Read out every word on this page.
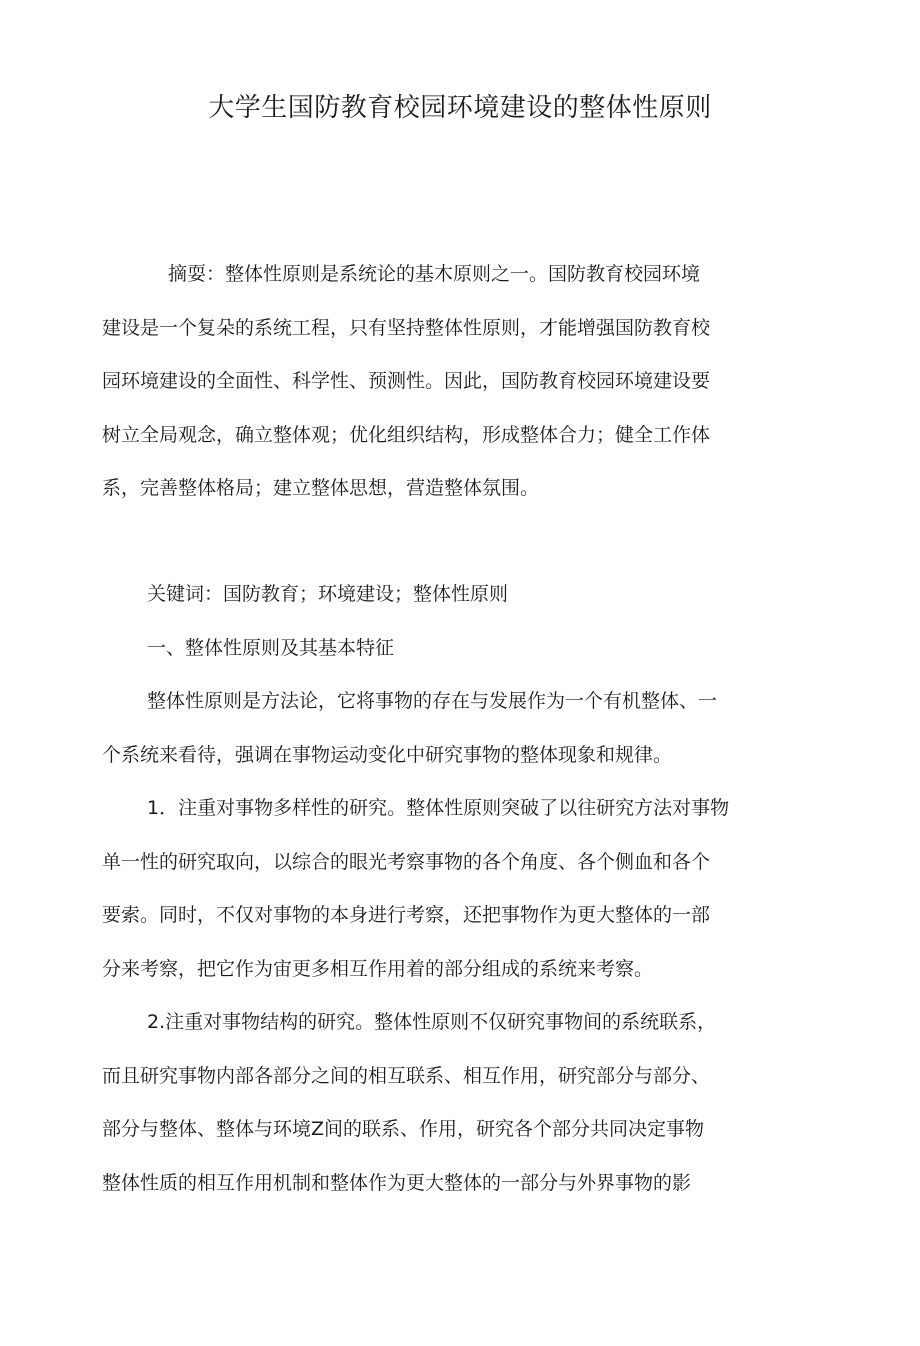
大学生国防教育校园环境建设的整体性原则
摘耍：整体性原则是系统论的基木原则之一。国防教育校园环境
建设是一个复朵的系统工程，只有坚持整体性原则，才能增强国防教育校
园环境建设的全面性、科学性、预测性。因此，国防教育校园环境建设要
树立全局观念，确立整体观；优化组织结构，形成整体合力；健全工作体
系，完善整体格局；建立整体思想，营造整体氛围。
关键词：国防教育；环境建设；整体性原则
一、整体性原则及其基本特征
整体性原则是方法论，它将事物的存在与发展作为一个有机整体、一
个系统来看待，强调在事物运动变化中研究事物的整体现象和规律。
1．注重对事物多样性的研究。整体性原则突破了以往研究方法对事物
单一性的研究取向，以综合的眼光考察事物的各个角度、各个侧血和各个
要索。同时，不仅对事物的本身进行考察，还把事物作为更大整体的一部
分来考察，把它作为宙更多相互作用着的部分组成的系统来考察。
2.注重对事物结构的研究。整体性原则不仅研究事物间的系统联系，
而且研究事物内部各部分之间的相互联系、相互作用，研究部分与部分、
部分与整体、整体与环境Z间的联系、作用，研究各个部分共同决定事物
整体性质的相互作用机制和整体作为更大整体的一部分与外界事物的影
